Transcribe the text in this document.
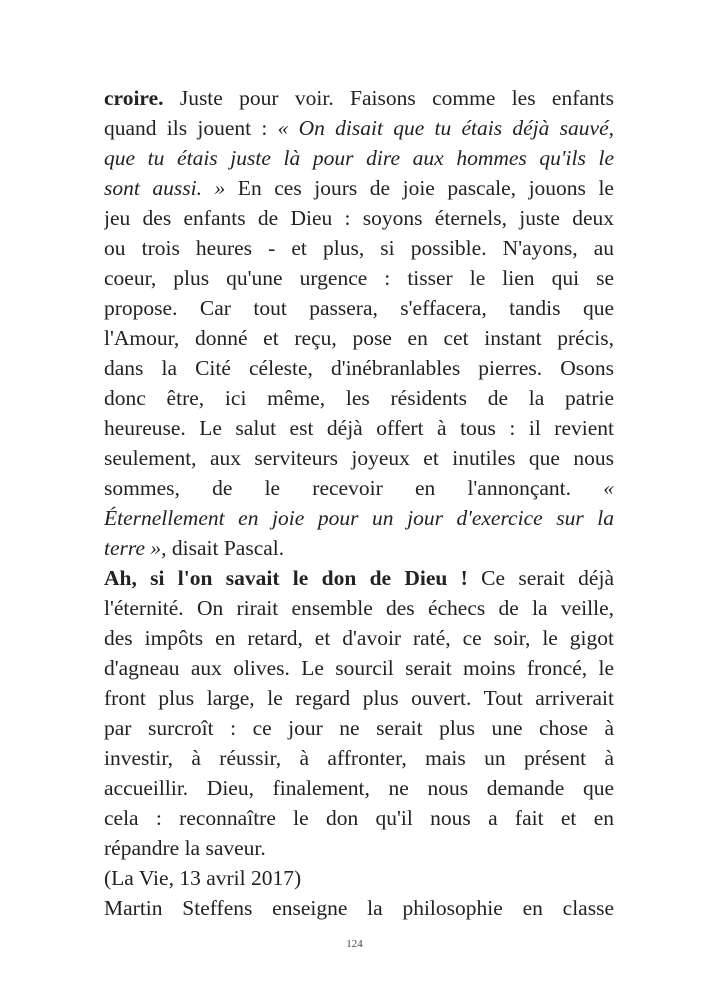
croire. Juste pour voir. Faisons comme les enfants
quand ils jouent : « On disait que tu étais déjà sauvé,
que tu étais juste là pour dire aux hommes qu'ils le
sont aussi. » En ces jours de joie pascale, jouons le
jeu des enfants de Dieu : soyons éternels, juste deux
ou trois heures - et plus, si possible. N'ayons, au
coeur, plus qu'une urgence : tisser le lien qui se
propose. Car tout passera, s'effacera, tandis que
l'Amour, donné et reçu, pose en cet instant précis,
dans la Cité céleste, d'inébranlables pierres. Osons
donc être, ici même, les résidents de la patrie
heureuse. Le salut est déjà offert à tous : il revient
seulement, aux serviteurs joyeux et inutiles que nous
sommes, de le recevoir en l'annonçant. «
Éternellement en joie pour un jour d'exercice sur la
terre », disait Pascal.
Ah, si l'on savait le don de Dieu ! Ce serait déjà
l'éternité. On rirait ensemble des échecs de la veille,
des impôts en retard, et d'avoir raté, ce soir, le gigot
d'agneau aux olives. Le sourcil serait moins froncé, le
front plus large, le regard plus ouvert. Tout arriverait
par surcroît : ce jour ne serait plus une chose à
investir, à réussir, à affronter, mais un présent à
accueillir. Dieu, finalement, ne nous demande que
cela : reconnaître le don qu'il nous a fait et en
répandre la saveur.
(La Vie, 13 avril 2017)
Martin Steffens enseigne la philosophie en classe
124
